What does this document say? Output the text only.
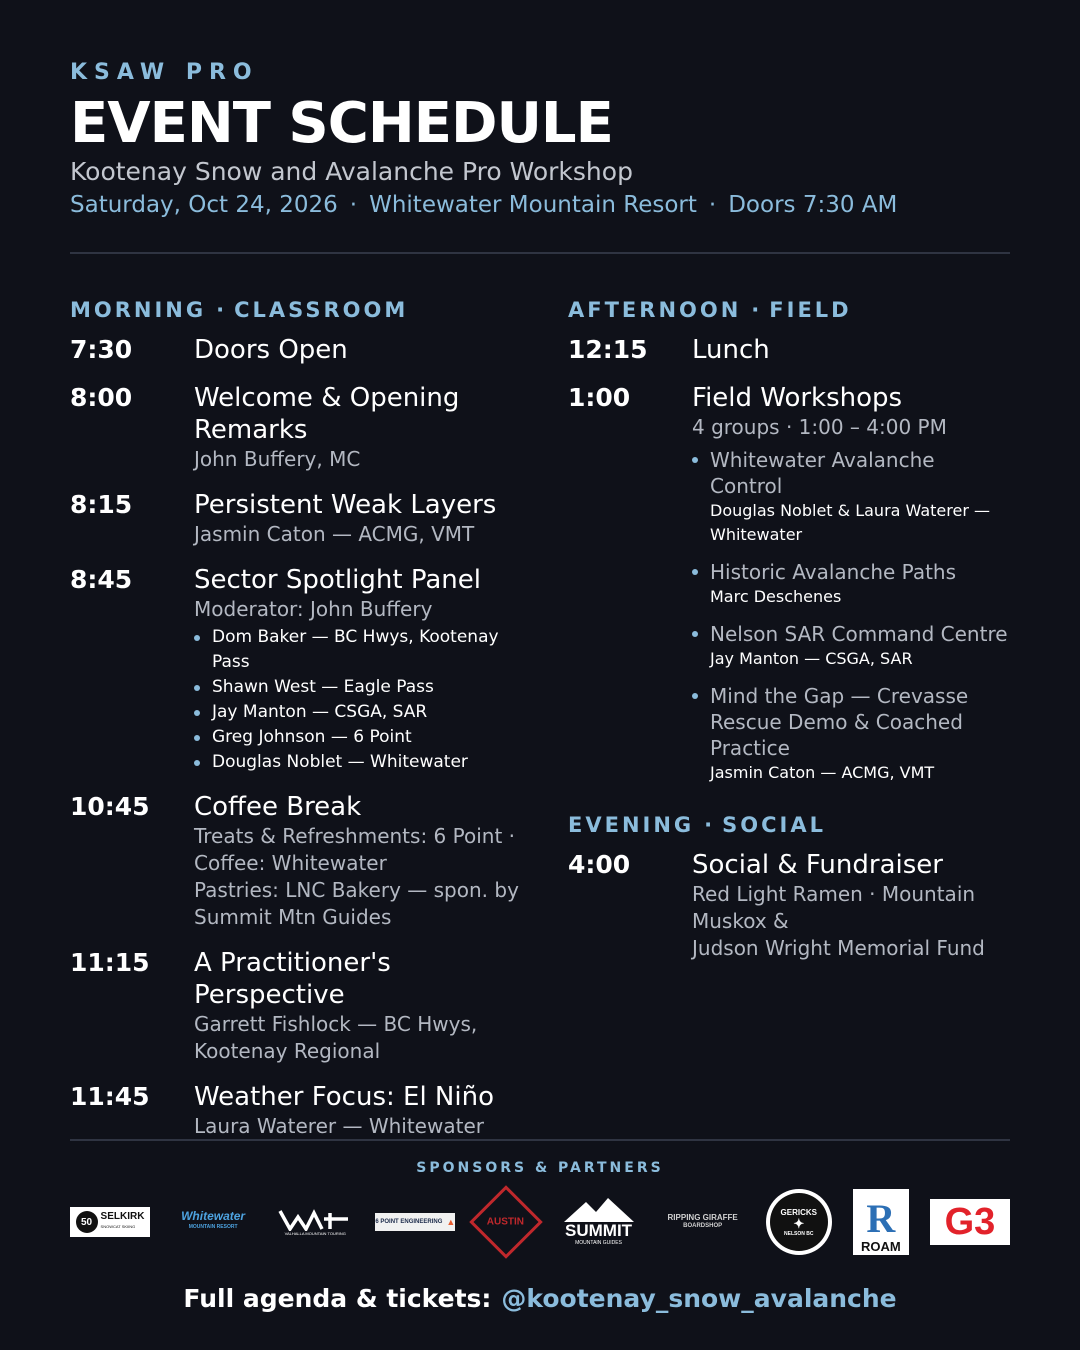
KSAW PRO
EVENT SCHEDULE
Kootenay Snow and Avalanche Pro Workshop
Saturday, Oct 24, 2026 · Whitewater Mountain Resort · Doors 7:30 AM
MORNING · CLASSROOM
7:30	Doors Open
8:00	Welcome & Opening Remarks
John Buffery, MC
8:15	Persistent Weak Layers
Jasmin Caton — ACMG, VMT
8:45	Sector Spotlight Panel
Moderator: John Buffery
Dom Baker — BC Hwys, Kootenay Pass
Shawn West — Eagle Pass
Jay Manton — CSGA, SAR
Greg Johnson — 6 Point
Douglas Noblet — Whitewater
10:45	Coffee Break
Treats & Refreshments: 6 Point · Coffee: Whitewater
Pastries: LNC Bakery — spon. by Summit Mtn Guides
11:15	A Practitioner's Perspective
Garrett Fishlock — BC Hwys, Kootenay Regional
11:45	Weather Focus: El Niño
Laura Waterer — Whitewater
AFTERNOON · FIELD
12:15	Lunch
1:00	Field Workshops
4 groups · 1:00 – 4:00 PM
Whitewater Avalanche Control
Douglas Noblet & Laura Waterer — Whitewater
Historic Avalanche Paths
Marc Deschenes
Nelson SAR Command Centre
Jay Manton — CSGA, SAR
Mind the Gap — Crevasse Rescue Demo & Coached Practice
Jasmin Caton — ACMG, VMT
EVENING · SOCIAL
4:00	Social & Fundraiser
Red Light Ramen · Mountain Muskox &
Judson Wright Memorial Fund
SPONSORS & PARTNERS
50 SELKIRK
SNOWCAT SKIING
Whitewater
MOUNTAIN RESORT
VALHALLA MOUNTAIN TOURING
6 POINT ENGINEERING ▲	AUSTIN SUMMIT
MOUNTAIN GUIDES
RIPPING GIRAFFE
BOARDSHOP
GERICKS
✦
NELSON BC R
ROAM
G3
Full agenda & tickets: @kootenay_snow_avalanche
